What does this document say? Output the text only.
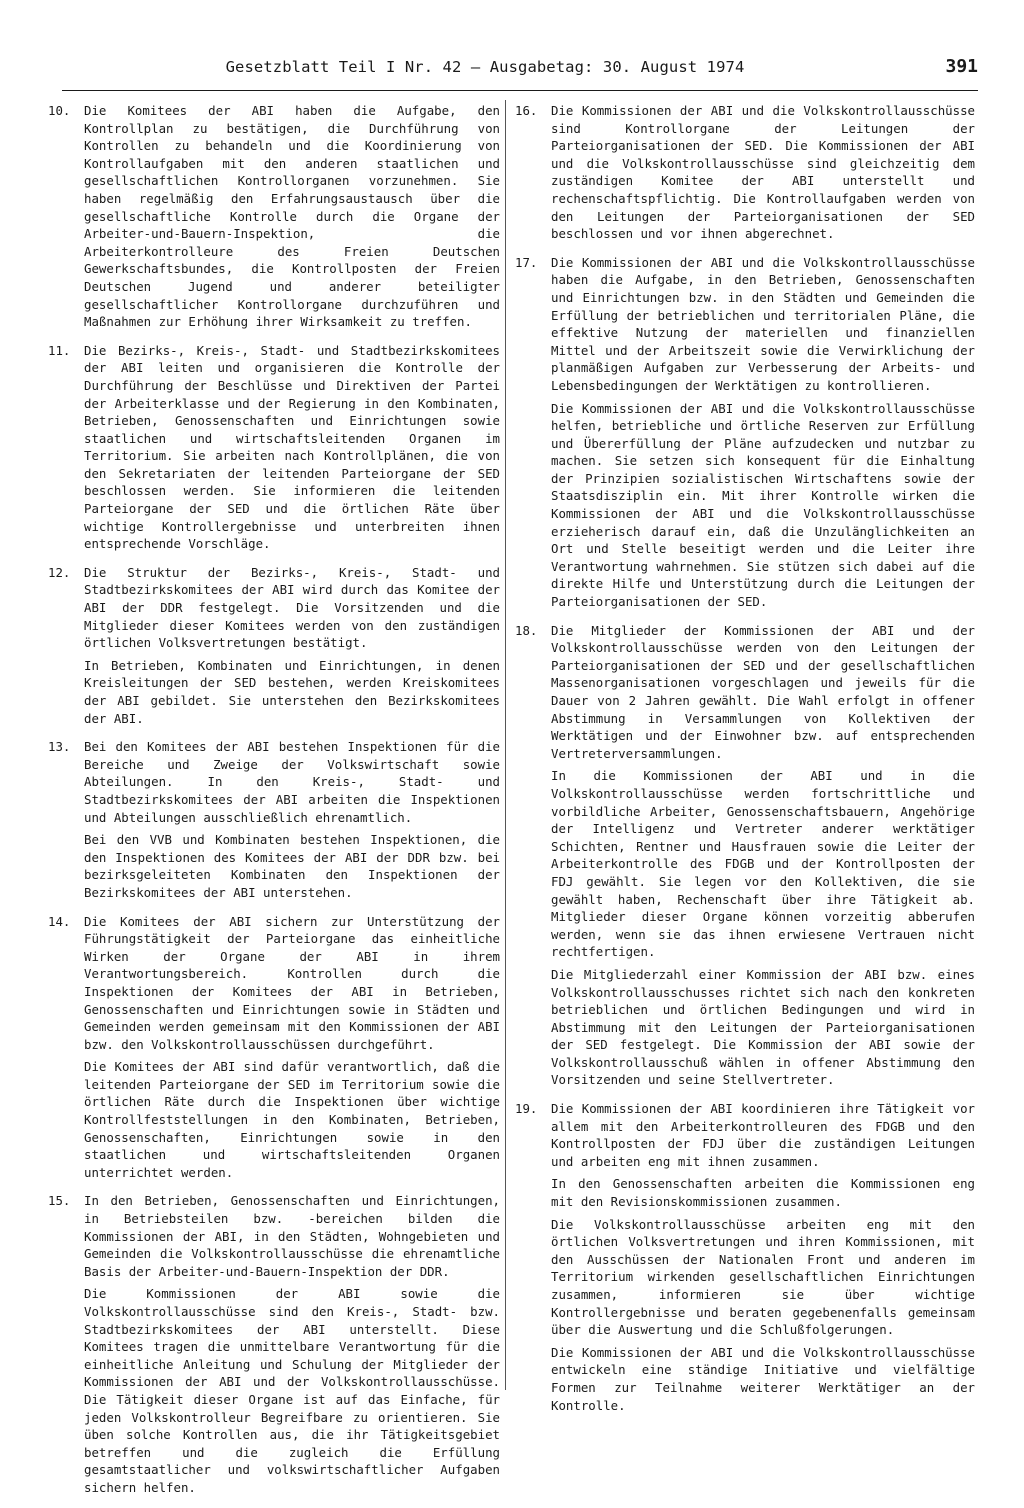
Gesetzblatt Teil I Nr. 42 — Ausgabetag: 30. August 1974	391
10.	Die Komitees der ABI haben die Aufgabe, den Kontrollplan zu bestätigen, die Durchführung von Kontrollen zu behandeln und die Koordinierung von Kontrollaufgaben mit den anderen staatlichen und gesellschaftlichen Kontrollorganen vorzunehmen. Sie haben regelmäßig den Erfahrungsaustausch über die gesellschaftliche Kontrolle durch die Organe der Arbeiter-und-Bauern-Inspektion, die Arbeiterkontrolleure des Freien Deutschen Gewerkschaftsbundes, die Kontrollposten der Freien Deutschen Jugend und anderer beteiligter gesellschaftlicher Kontrollorgane durchzuführen und Maßnahmen zur Erhöhung ihrer Wirksamkeit zu treffen.

11.	Die Bezirks-, Kreis-, Stadt- und Stadtbezirkskomitees der ABI leiten und organisieren die Kontrolle der Durchführung der Beschlüsse und Direktiven der Partei der Arbeiterklasse und der Regierung in den Kombinaten, Betrieben, Genossenschaften und Einrichtungen sowie staatlichen und wirtschaftsleitenden Organen im Territorium. Sie arbeiten nach Kontrollplänen, die von den Sekretariaten der leitenden Parteiorgane der SED beschlossen werden. Sie informieren die leitenden Parteiorgane der SED und die örtlichen Räte über wichtige Kontrollergebnisse und unterbreiten ihnen entsprechende Vorschläge.

12.	Die Struktur der Bezirks-, Kreis-, Stadt- und Stadtbezirkskomitees der ABI wird durch das Komitee der ABI der DDR festgelegt. Die Vorsitzenden und die Mitglieder dieser Komitees werden von den zuständigen örtlichen Volksvertretungen bestätigt.

In Betrieben, Kombinaten und Einrichtungen, in denen Kreisleitungen der SED bestehen, werden Kreiskomitees der ABI gebildet. Sie unterstehen den Bezirkskomitees der ABI.

13.	Bei den Komitees der ABI bestehen Inspektionen für die Bereiche und Zweige der Volkswirtschaft sowie Abteilungen. In den Kreis-, Stadt- und Stadtbezirkskomitees der ABI arbeiten die Inspektionen und Abteilungen ausschließlich ehrenamtlich.

Bei den VVB und Kombinaten bestehen Inspektionen, die den Inspektionen des Komitees der ABI der DDR bzw. bei bezirksgeleiteten Kombinaten den Inspektionen der Bezirkskomitees der ABI unterstehen.

14.	Die Komitees der ABI sichern zur Unterstützung der Führungstätigkeit der Parteiorgane das einheitliche Wirken der Organe der ABI in ihrem Verantwortungsbereich. Kontrollen durch die Inspektionen der Komitees der ABI in Betrieben, Genossenschaften und Einrichtungen sowie in Städten und Gemeinden werden gemeinsam mit den Kommissionen der ABI bzw. den Volkskontrollausschüssen durchgeführt.

Die Komitees der ABI sind dafür verantwortlich, daß die leitenden Parteiorgane der SED im Territorium sowie die örtlichen Räte durch die Inspektionen über wichtige Kontrollfeststellungen in den Kombinaten, Betrieben, Genossenschaften, Einrichtungen sowie in den staatlichen und wirtschaftsleitenden Organen unterrichtet werden.

15.	In den Betrieben, Genossenschaften und Einrichtungen, in Betriebsteilen bzw. -bereichen bilden die Kommissionen der ABI, in den Städten, Wohngebieten und Gemeinden die Volkskontrollausschüsse die ehrenamtliche Basis der Arbeiter-und-Bauern-Inspektion der DDR.

Die Kommissionen der ABI sowie die Volkskontrollausschüsse sind den Kreis-, Stadt- bzw. Stadtbezirkskomitees der ABI unterstellt. Diese Komitees tragen die unmittelbare Verantwortung für die einheitliche Anleitung und Schulung der Mitglieder der Kommissionen der ABI und der Volkskontrollausschüsse. Die Tätigkeit dieser Organe ist auf das Einfache, für jeden Volkskontrolleur Begreifbare zu orientieren. Sie üben solche Kontrollen aus, die ihr Tätigkeitsgebiet betreffen und die zugleich die Erfüllung gesamtstaatlicher und volkswirtschaftlicher Aufgaben sichern helfen.

16.	Die Kommissionen der ABI und die Volkskontrollausschüsse sind Kontrollorgane der Leitungen der Parteiorganisationen der SED. Die Kommissionen der ABI und die Volkskontrollausschüsse sind gleichzeitig dem zuständigen Komitee der ABI unterstellt und rechenschaftspflichtig. Die Kontrollaufgaben werden von den Leitungen der Parteiorganisationen der SED beschlossen und vor ihnen abgerechnet.

17.	Die Kommissionen der ABI und die Volkskontrollausschüsse haben die Aufgabe, in den Betrieben, Genossenschaften und Einrichtungen bzw. in den Städten und Gemeinden die Erfüllung der betrieblichen und territorialen Pläne, die effektive Nutzung der materiellen und finanziellen Mittel und der Arbeitszeit sowie die Verwirklichung der planmäßigen Aufgaben zur Verbesserung der Arbeits- und Lebensbedingungen der Werktätigen zu kontrollieren.

Die Kommissionen der ABI und die Volkskontrollausschüsse helfen, betriebliche und örtliche Reserven zur Erfüllung und Übererfüllung der Pläne aufzudecken und nutzbar zu machen. Sie setzen sich konsequent für die Einhaltung der Prinzipien sozialistischen Wirtschaftens sowie der Staatsdisziplin ein. Mit ihrer Kontrolle wirken die Kommissionen der ABI und die Volkskontrollausschüsse erzieherisch darauf ein, daß die Unzulänglichkeiten an Ort und Stelle beseitigt werden und die Leiter ihre Verantwortung wahrnehmen. Sie stützen sich dabei auf die direkte Hilfe und Unterstützung durch die Leitungen der Parteiorganisationen der SED.

18.	Die Mitglieder der Kommissionen der ABI und der Volkskontrollausschüsse werden von den Leitungen der Parteiorganisationen der SED und der gesellschaftlichen Massenorganisationen vorgeschlagen und jeweils für die Dauer von 2 Jahren gewählt. Die Wahl erfolgt in offener Abstimmung in Versammlungen von Kollektiven der Werktätigen und der Einwohner bzw. auf entsprechenden Vertreterversammlungen.

In die Kommissionen der ABI und in die Volkskontrollausschüsse werden fortschrittliche und vorbildliche Arbeiter, Genossenschaftsbauern, Angehörige der Intelligenz und Vertreter anderer werktätiger Schichten, Rentner und Hausfrauen sowie die Leiter der Arbeiterkontrolle des FDGB und der Kontrollposten der FDJ gewählt. Sie legen vor den Kollektiven, die sie gewählt haben, Rechenschaft über ihre Tätigkeit ab. Mitglieder dieser Organe können vorzeitig abberufen werden, wenn sie das ihnen erwiesene Vertrauen nicht rechtfertigen.

Die Mitgliederzahl einer Kommission der ABI bzw. eines Volkskontrollausschusses richtet sich nach den konkreten betrieblichen und örtlichen Bedingungen und wird in Abstimmung mit den Leitungen der Parteiorganisationen der SED festgelegt. Die Kommission der ABI sowie der Volkskontrollausschuß wählen in offener Abstimmung den Vorsitzenden und seine Stellvertreter.

19.	Die Kommissionen der ABI koordinieren ihre Tätigkeit vor allem mit den Arbeiterkontrolleuren des FDGB und den Kontrollposten der FDJ über die zuständigen Leitungen und arbeiten eng mit ihnen zusammen.

In den Genossenschaften arbeiten die Kommissionen eng mit den Revisionskommissionen zusammen.

Die Volkskontrollausschüsse arbeiten eng mit den örtlichen Volksvertretungen und ihren Kommissionen, mit den Ausschüssen der Nationalen Front und anderen im Territorium wirkenden gesellschaftlichen Einrichtungen zusammen, informieren sie über wichtige Kontrollergebnisse und beraten gegebenenfalls gemeinsam über die Auswertung und die Schlußfolgerungen.

Die Kommissionen der ABI und die Volkskontrollausschüsse entwickeln eine ständige Initiative und vielfältige Formen zur Teilnahme weiterer Werktätiger an der Kontrolle.
